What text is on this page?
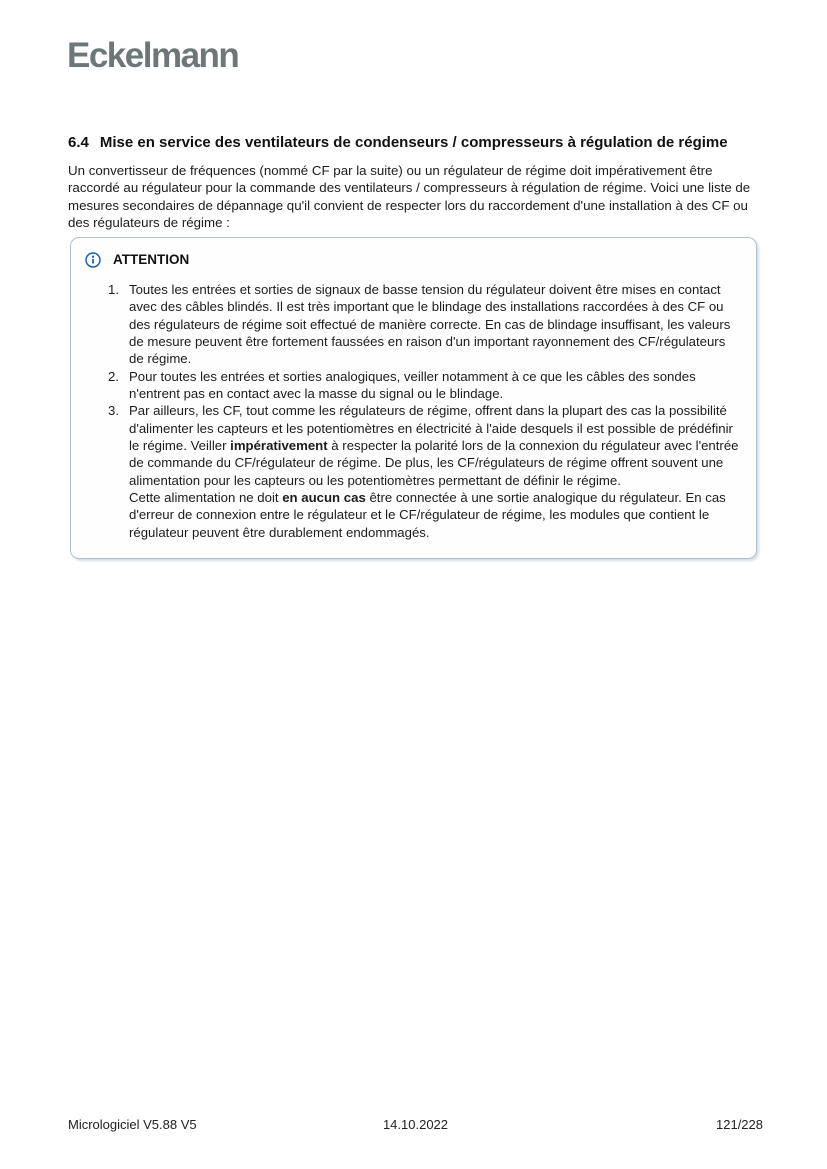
Eckelmann
6.4 Mise en service des ventilateurs de condenseurs / compresseurs à régulation de régime

Un convertisseur de fréquences (nommé CF par la suite) ou un régulateur de régime doit impérativement être raccordé au régulateur pour la commande des ventilateurs / compresseurs à régulation de régime. Voici une liste de mesures secondaires de dépannage qu'il convient de respecter lors du raccordement d'une installation à des CF ou des régulateurs de régime :

ATTENTION
1. Toutes les entrées et sorties de signaux de basse tension du régulateur doivent être mises en contact avec des câbles blindés. Il est très important que le blindage des installations raccordées à des CF ou des régulateurs de régime soit effectué de manière correcte. En cas de blindage insuffisant, les valeurs de mesure peuvent être fortement faussées en raison d'un important rayonnement des CF/régulateurs de régime.
2. Pour toutes les entrées et sorties analogiques, veiller notamment à ce que les câbles des sondes n'entrent pas en contact avec la masse du signal ou le blindage.
3. Par ailleurs, les CF, tout comme les régulateurs de régime, offrent dans la plupart des cas la possibilité d'alimenter les capteurs et les potentiomètres en électricité à l'aide desquels il est possible de prédéfinir le régime. Veiller impérativement à respecter la polarité lors de la connexion du régulateur avec l'entrée de commande du CF/régulateur de régime. De plus, les CF/régulateurs de régime offrent souvent une alimentation pour les capteurs ou les potentiomètres permettant de définir le régime.
Cette alimentation ne doit en aucun cas être connectée à une sortie analogique du régulateur. En cas d'erreur de connexion entre le régulateur et le CF/régulateur de régime, les modules que contient le régulateur peuvent être durablement endommagés.
Micrologiciel V5.88 V5	14.10.2022	121/228
